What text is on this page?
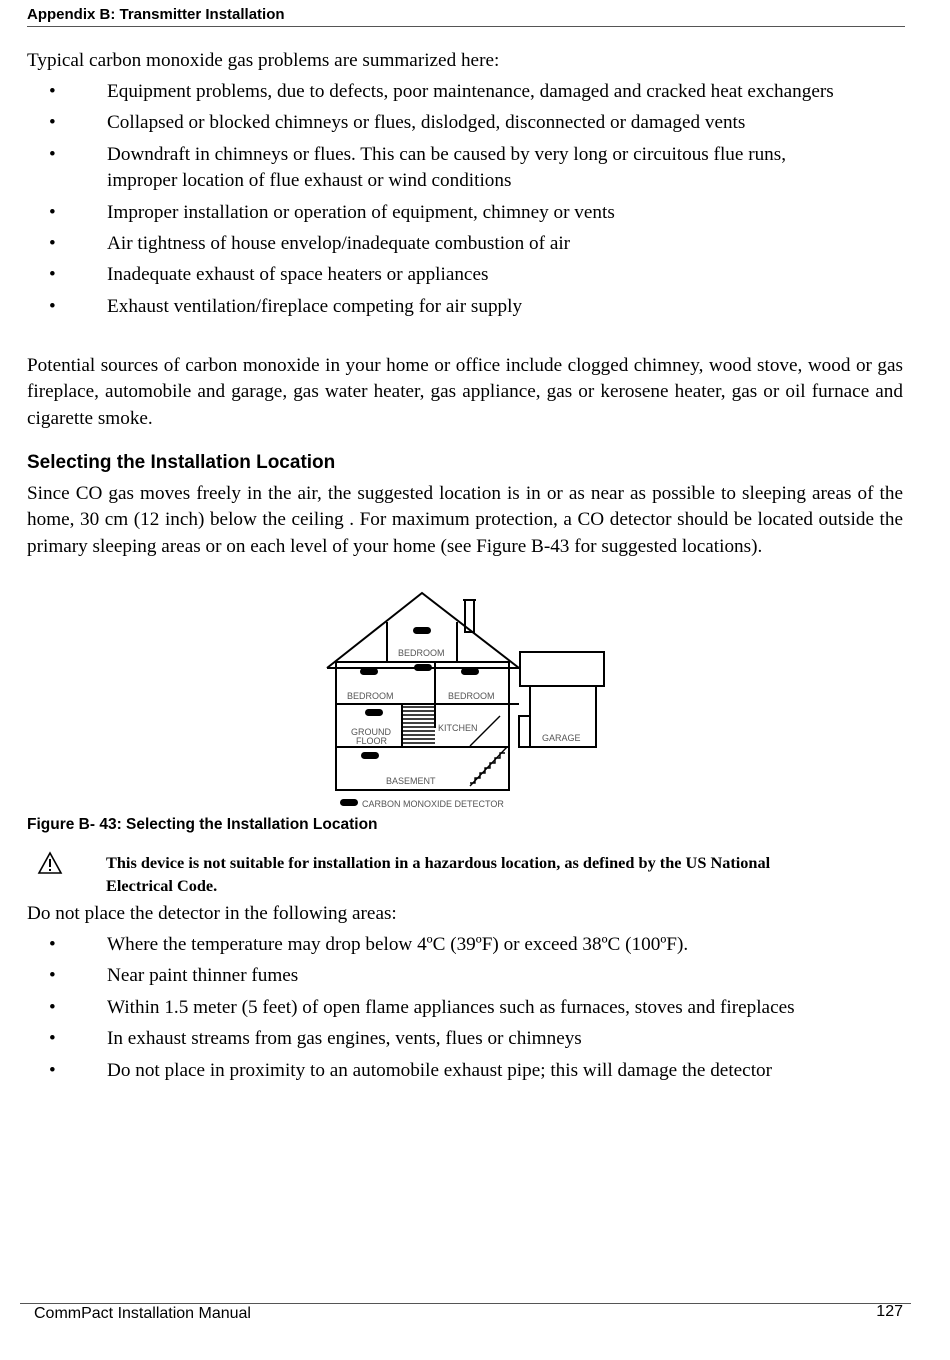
Appendix B: Transmitter Installation

Typical carbon monoxide gas problems are summarized here:

•	Equipment problems, due to defects, poor maintenance, damaged and cracked heat exchangers
•	Collapsed or blocked chimneys or flues, dislodged, disconnected or damaged vents
•	Downdraft in chimneys or flues. This can be caused by very long or circuitous flue runs, improper location of flue exhaust or wind conditions
•	Improper installation or operation of equipment, chimney or vents
•	Air tightness of house envelop/inadequate combustion of air
•	Inadequate exhaust of space heaters or appliances
•	Exhaust ventilation/fireplace competing for air supply

Potential sources of carbon monoxide in your home or office include clogged chimney, wood stove, wood or gas fireplace, automobile and garage, gas water heater, gas appliance, gas or kerosene heater, gas or oil furnace and cigarette smoke.

Selecting the Installation Location

Since CO gas moves freely in the air, the suggested location is in or as near as possible to sleeping areas of the home, 30 cm (12 inch) below the ceiling . For maximum protection, a CO detector should be located outside the primary sleeping areas or on each level of your home (see Figure B-43 for suggested locations).

BEDROOM
BEDROOM	BEDROOM
KITCHEN
GROUND
FLOOR	GARAGE
BASEMENT
CARBON MONOXIDE DETECTOR
Figure B- 43: Selecting the Installation Location
This device is not suitable for installation in a hazardous location, as defined by the US National Electrical Code.

Do not place the detector in the following areas:

•	Where the temperature may drop below 4ºC (39ºF) or exceed 38ºC (100ºF).
•	Near paint thinner fumes
•	Within 1.5 meter (5 feet) of open flame appliances such as furnaces, stoves and fireplaces
•	In exhaust streams from gas engines, vents, flues or chimneys
•	Do not place in proximity to an automobile exhaust pipe; this will damage the detector
CommPact Installation Manual	127
